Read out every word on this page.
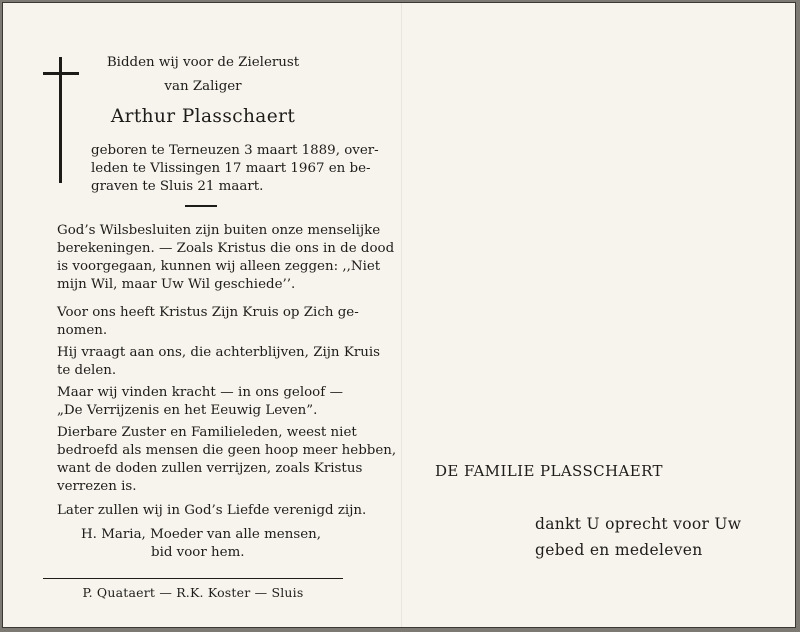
Bidden wij voor de Zielerust
van Zaliger
Arthur Plasschaert
geboren te Terneuzen 3 maart 1889, over-
leden te Vlissingen 17 maart 1967 en be-
graven te Sluis 21 maart.
God’s Wilsbesluiten zijn buiten onze menselijke
berekeningen. — Zoals Kristus die ons in de dood
is voorgegaan, kunnen wij alleen zeggen: ,,Niet
mijn Wil, maar Uw Wil geschiede’’.
Voor ons heeft Kristus Zijn Kruis op Zich ge-
nomen.
Hij vraagt aan ons, die achterblijven, Zijn Kruis
te delen.
Maar wij vinden kracht — in ons geloof —
„De Verrijzenis en het Eeuwig Leven”.
Dierbare Zuster en Familieleden, weest niet
bedroefd als mensen die geen hoop meer hebben,
want de doden zullen verrijzen, zoals Kristus
verrezen is.
Later zullen wij in God’s Liefde verenigd zijn.
H. Maria, Moeder van alle mensen,
bid voor hem.
P. Quataert — R.K. Koster — Sluis
DE FAMILIE PLASSCHAERT
dankt U oprecht voor Uw
gebed en medeleven
